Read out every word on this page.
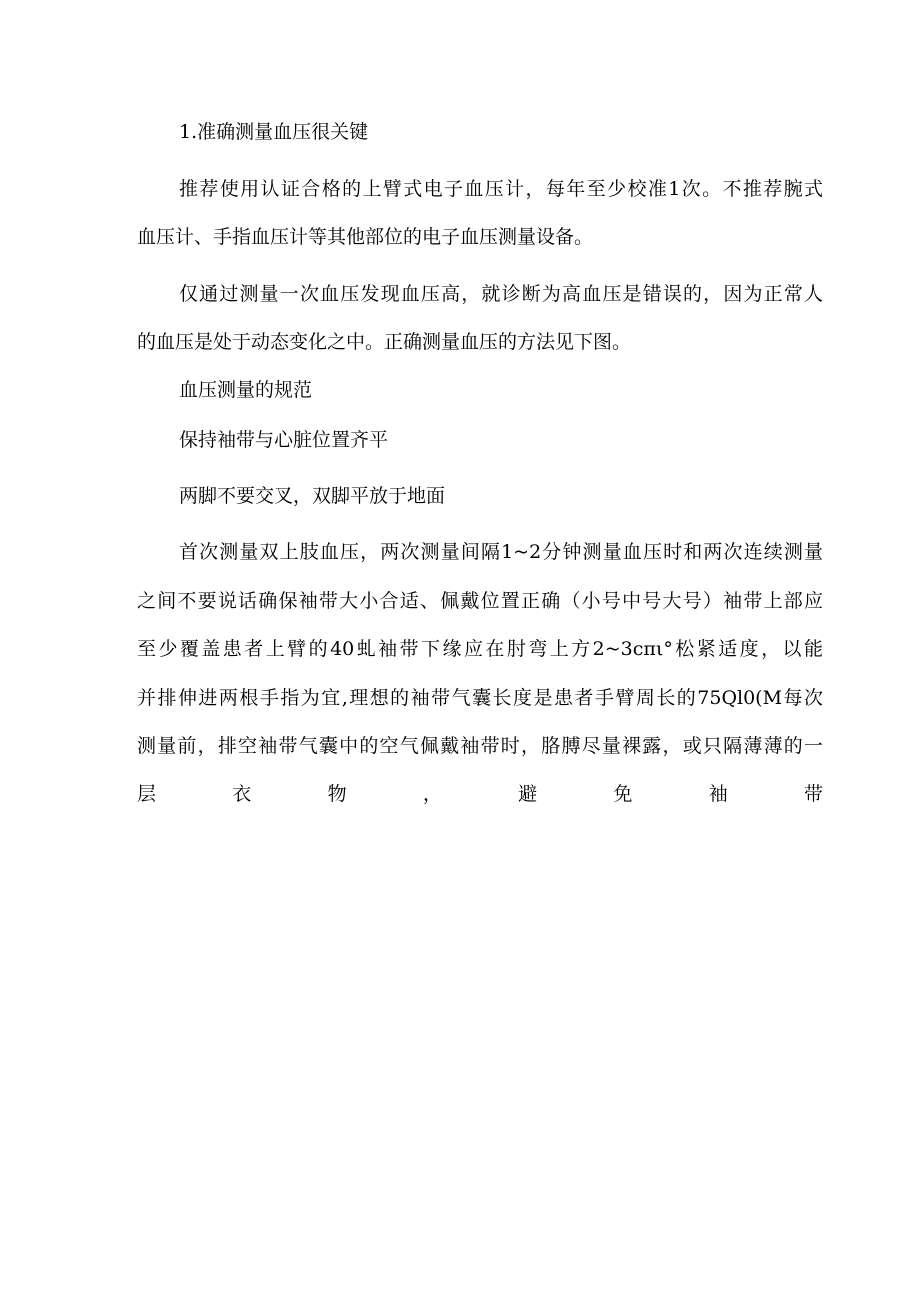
1.准确测量血压很关键
推荐使用认证合格的上臂式电子血压计，每年至少校准1次。不推荐腕式
血压计、手指血压计等其他部位的电子血压测量设备。
仅通过测量一次血压发现血压高，就诊断为高血压是错误的，因为正常人
的血压是处于动态变化之中。正确测量血压的方法见下图。
血压测量的规范
保持袖带与心脏位置齐平
两脚不要交叉，双脚平放于地面
首次测量双上肢血压，两次测量间隔1~2分钟测量血压时和两次连续测量
之间不要说话确保袖带大小合适、佩戴位置正确（小号中号大号）袖带上部应
至少覆盖患者上臂的40虬袖带下缘应在肘弯上方2~3cπι°松紧适度，以能
并排伸进两根手指为宜,理想的袖带气囊长度是患者手臂周长的75Ql0(M每次
测量前，排空袖带气囊中的空气佩戴袖带时，胳膊尽量裸露，或只隔薄薄的一
层	衣	物	，	避	免	袖	带
